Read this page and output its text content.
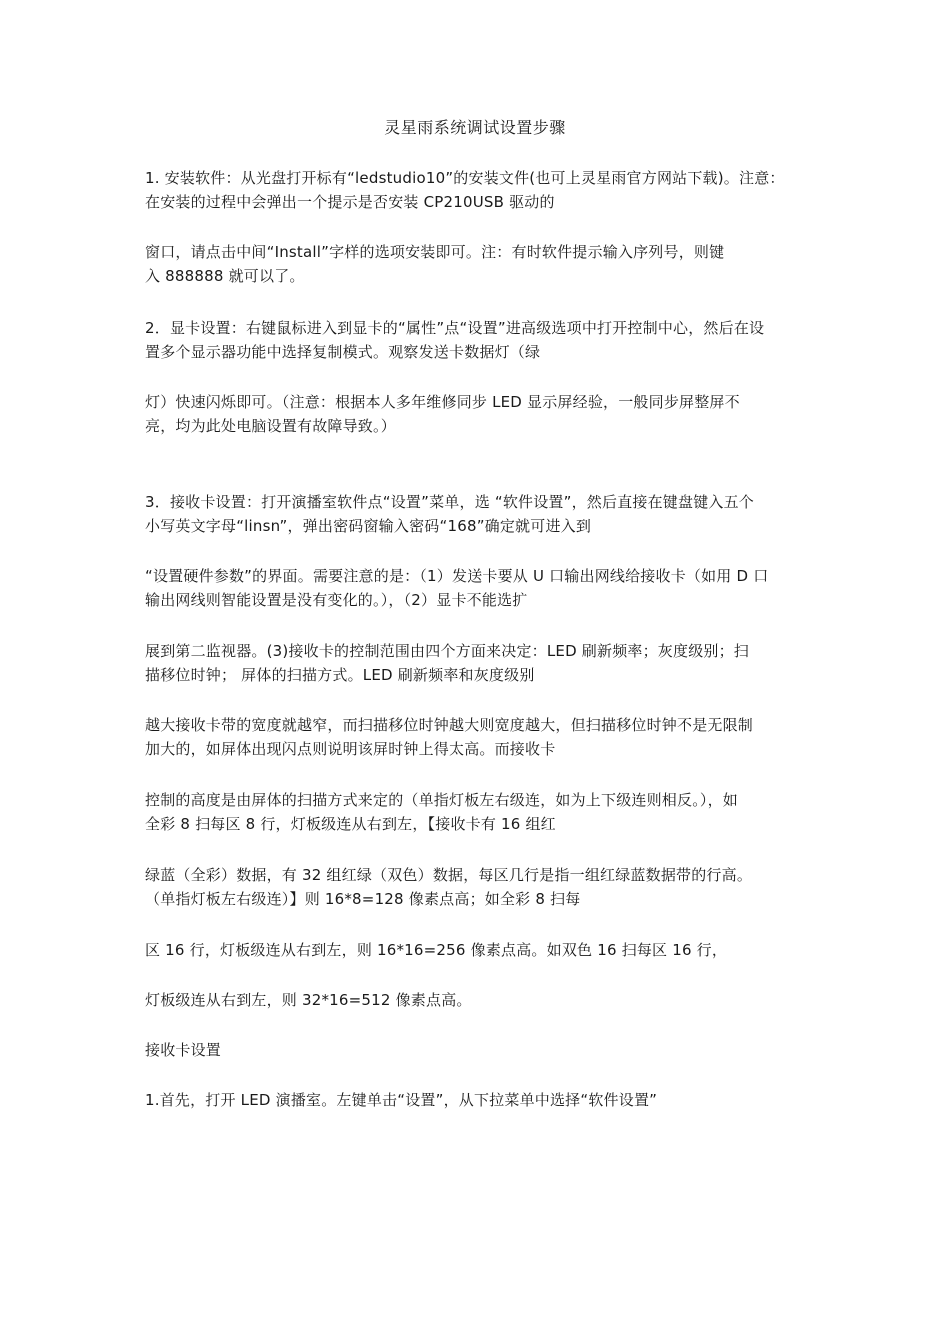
灵星雨系统调试设置步骤
1. 安装软件：从光盘打开标有“ledstudio10”的安装文件(也可上灵星雨官方网站下载)。注意：
在安装的过程中会弹出一个提示是否安装 CP210USB 驱动的
窗口，请点击中间“Install”字样的选项安装即可。注：有时软件提示输入序列号，则键
入 888888 就可以了。
2．显卡设置：右键鼠标进入到显卡的“属性”点“设置”进高级选项中打开控制中心，然后在设
置多个显示器功能中选择复制模式。观察发送卡数据灯（绿
灯）快速闪烁即可。（注意：根据本人多年维修同步 LED 显示屏经验，一般同步屏整屏不
亮，均为此处电脑设置有故障导致。）
3．接收卡设置：打开演播室软件点“设置”菜单，选 “软件设置”，然后直接在键盘键入五个
小写英文字母“linsn”，弹出密码窗输入密码“168”确定就可进入到
“设置硬件参数”的界面。需要注意的是：（1）发送卡要从 U 口输出网线给接收卡（如用 D 口
输出网线则智能设置是没有变化的。），（2）显卡不能选扩
展到第二监视器。(3)接收卡的控制范围由四个方面来决定：LED 刷新频率；灰度级别；扫
描移位时钟； 屏体的扫描方式。LED 刷新频率和灰度级别
越大接收卡带的宽度就越窄，而扫描移位时钟越大则宽度越大，但扫描移位时钟不是无限制
加大的，如屏体出现闪点则说明该屏时钟上得太高。而接收卡
控制的高度是由屏体的扫描方式来定的（单指灯板左右级连，如为上下级连则相反。），如
全彩 8 扫每区 8 行，灯板级连从右到左，【接收卡有 16 组红
绿蓝（全彩）数据，有 32 组红绿（双色）数据，每区几行是指一组红绿蓝数据带的行高。
（单指灯板左右级连）】则 16*8=128 像素点高；如全彩 8 扫每
区 16 行，灯板级连从右到左，则 16*16=256 像素点高。如双色 16 扫每区 16 行，
灯板级连从右到左，则 32*16=512 像素点高。
接收卡设置
1.首先，打开 LED 演播室。左键单击“设置”，从下拉菜单中选择“软件设置”
